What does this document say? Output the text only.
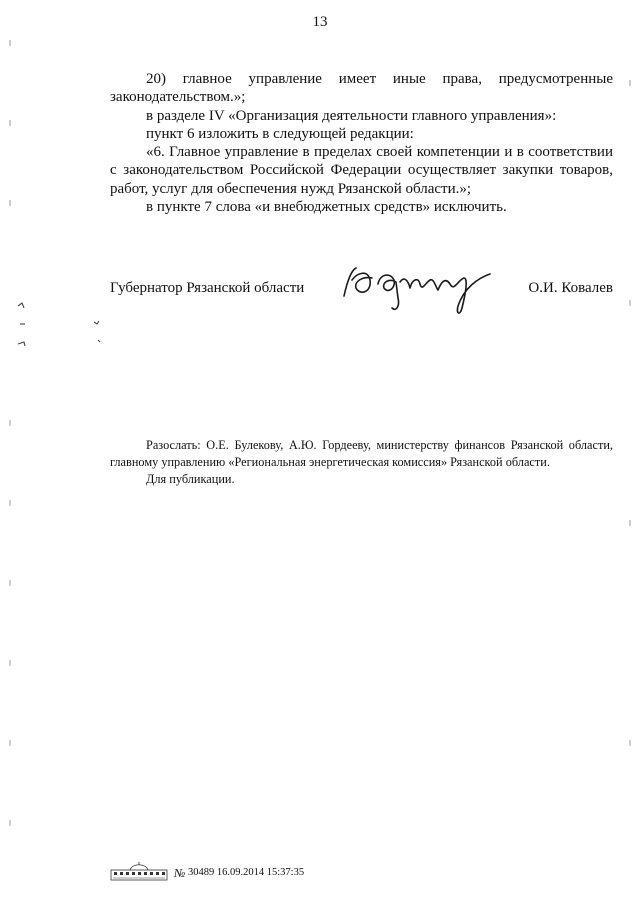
13

20) главное управление имеет иные права, предусмотренные законодательством.»;

в разделе IV «Организация деятельности главного управления»:

пункт 6 изложить в следующей редакции:

«6. Главное управление в пределах своей компетенции и в соответствии с законодательством Российской Федерации осуществляет закупки товаров, работ, услуг для обеспечения нужд Рязанской области.»;

в пункте 7 слова «и внебюджетных средств» исключить.

Губернатор Рязанской области	О.И. Ковалев

Разослать: О.Е. Булекову, А.Ю. Гордееву, министерству финансов Рязанской области, главному управлению «Региональная энергетическая комиссия» Рязанской области.

Для публикации.

№ 30489 16.09.2014 15:37:35
